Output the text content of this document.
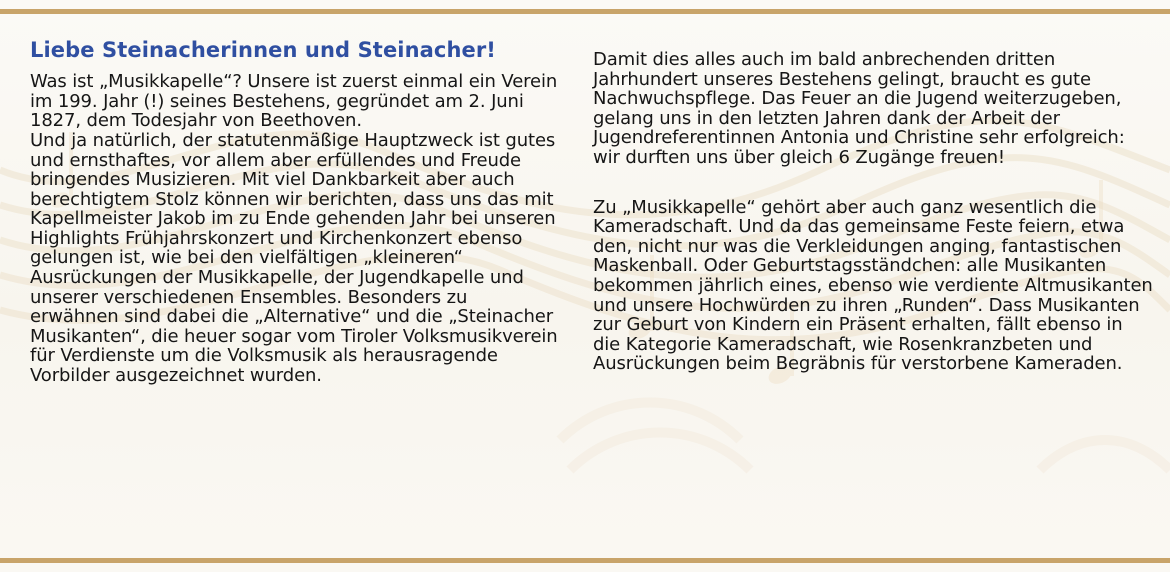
Liebe Steinacherinnen und Steinacher!

Was ist „Musikkapelle“? Unsere ist zuerst einmal ein Verein im 199. Jahr (!) seines Bestehens, gegründet am 2. Juni 1827, dem Todesjahr von Beethoven.

Und ja natürlich, der statutenmäßige Hauptzweck ist gutes und ernsthaftes, vor allem aber erfüllendes und Freude bringendes Musizieren. Mit viel Dankbarkeit aber auch berechtigtem Stolz können wir berichten, dass uns das mit Kapellmeister Jakob im zu Ende gehenden Jahr bei unseren Highlights Frühjahrskonzert und Kirchenkonzert ebenso gelungen ist, wie bei den vielfältigen „kleineren“ Ausrückungen der Musikkapelle, der Jugendkapelle und unserer verschiedenen Ensembles. Besonders zu erwähnen sind dabei die „Alternative“ und die „Steinacher Musikanten“, die heuer sogar vom Tiroler Volksmusikverein für Verdienste um die Volksmusik als herausragende Vorbilder ausgezeichnet wurden.

Damit dies alles auch im bald anbrechenden dritten Jahrhundert unseres Bestehens gelingt, braucht es gute Nachwuchspflege. Das Feuer an die Jugend weiterzugeben, gelang uns in den letzten Jahren dank der Arbeit der Jugendreferentinnen Antonia und Christine sehr erfolgreich: wir durften uns über gleich 6 Zugänge freuen!

Zu „Musikkapelle“ gehört aber auch ganz wesentlich die Kameradschaft. Und da das gemeinsame Feste feiern, etwa den, nicht nur was die Verkleidungen anging, fantastischen Maskenball. Oder Geburtstagsständchen: alle Musikanten bekommen jährlich eines, ebenso wie verdiente Altmusikanten und unsere Hochwürden zu ihren „Runden“. Dass Musikanten zur Geburt von Kindern ein Präsent erhalten, fällt ebenso in die Kategorie Kameradschaft, wie Rosenkranzbeten und Ausrückungen beim Begräbnis für verstorbene Kameraden.
